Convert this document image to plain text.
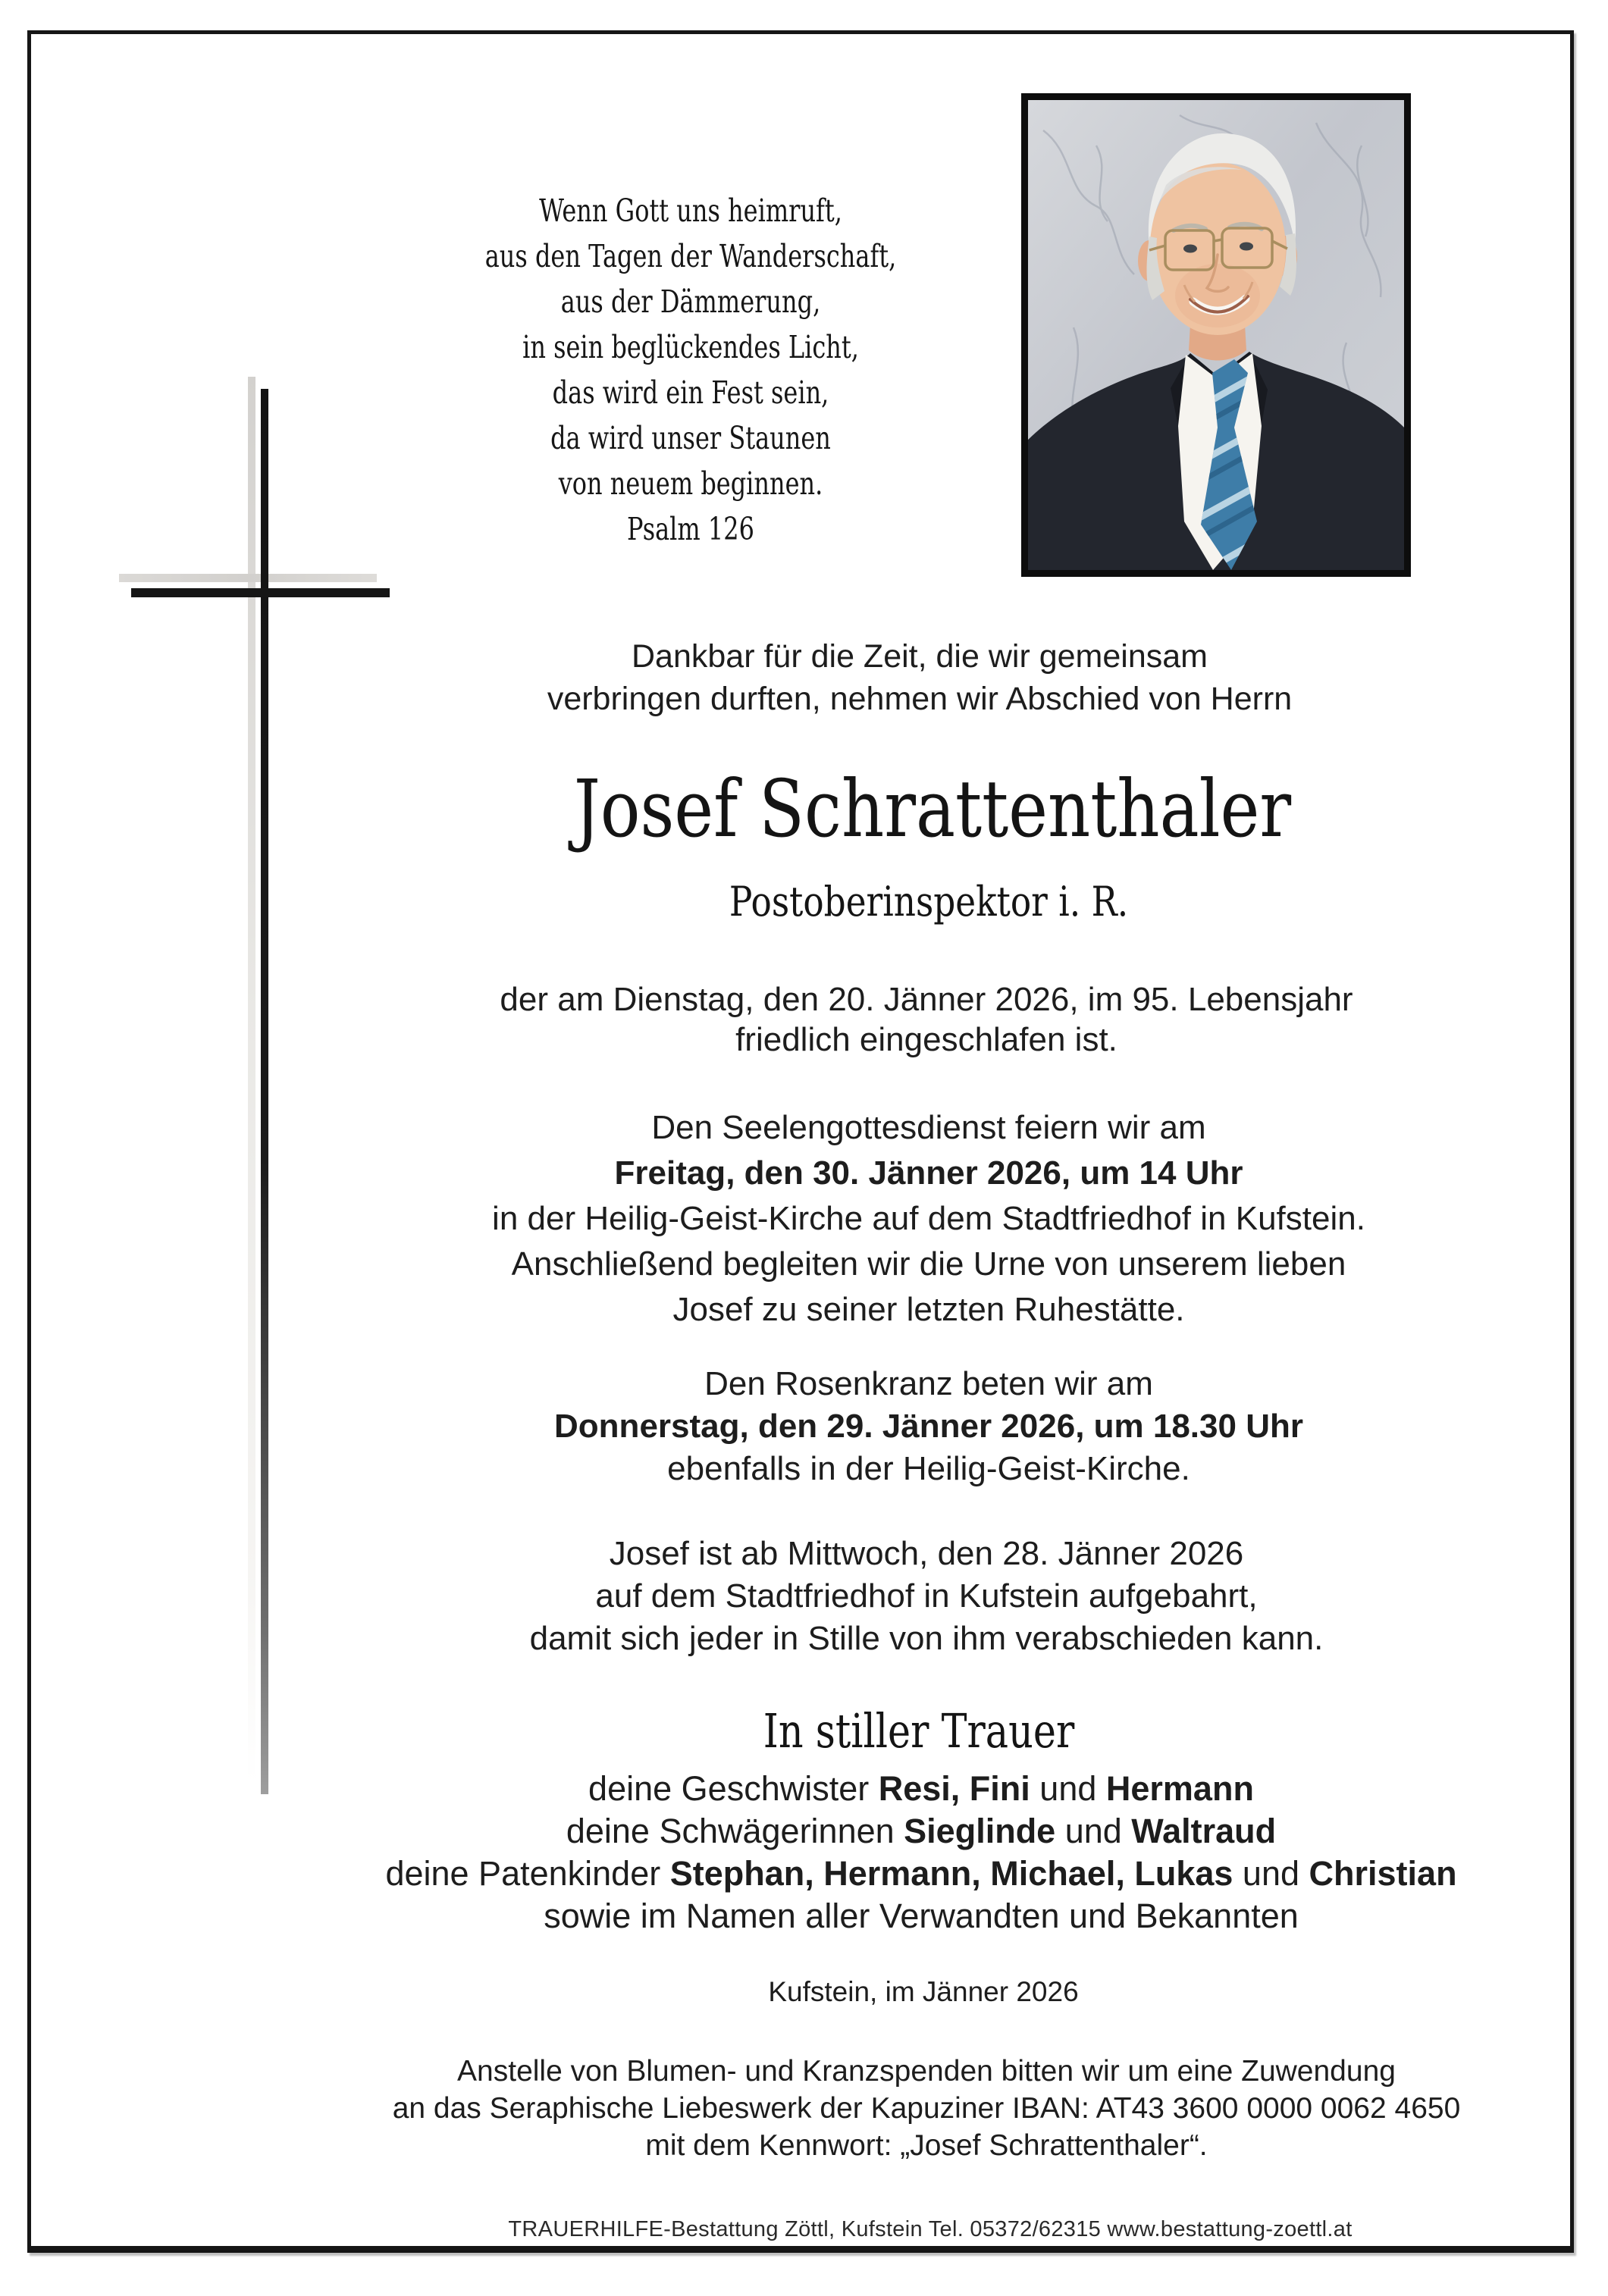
Wenn Gott uns heimruft,
aus den Tagen der Wanderschaft,
aus der Dämmerung,
in sein beglückendes Licht,
das wird ein Fest sein,
da wird unser Staunen
von neuem beginnen.
Psalm 126
Dankbar für die Zeit, die wir gemeinsam
verbringen durften, nehmen wir Abschied von Herrn
Josef Schrattenthaler
Postoberinspektor i. R.
der am Dienstag, den 20. Jänner 2026, im 95. Lebensjahr
friedlich eingeschlafen ist.
Den Seelengottesdienst feiern wir am
Freitag, den 30. Jänner 2026, um 14 Uhr
in der Heilig-Geist-Kirche auf dem Stadtfriedhof in Kufstein.
Anschließend begleiten wir die Urne von unserem lieben
Josef zu seiner letzten Ruhestätte.
Den Rosenkranz beten wir am
Donnerstag, den 29. Jänner 2026, um 18.30 Uhr
ebenfalls in der Heilig-Geist-Kirche.
Josef ist ab Mittwoch, den 28. Jänner 2026
auf dem Stadtfriedhof in Kufstein aufgebahrt,
damit sich jeder in Stille von ihm verabschieden kann.
In stiller Trauer
deine Geschwister Resi, Fini und Hermann
deine Schwägerinnen Sieglinde und Waltraud
deine Patenkinder Stephan, Hermann, Michael, Lukas und Christian
sowie im Namen aller Verwandten und Bekannten
Kufstein, im Jänner 2026
Anstelle von Blumen- und Kranzspenden bitten wir um eine Zuwendung
an das Seraphische Liebeswerk der Kapuziner IBAN: AT43 3600 0000 0062 4650
mit dem Kennwort: „Josef Schrattenthaler“.
TRAUERHILFE-Bestattung Zöttl, Kufstein Tel. 05372/62315 www.bestattung-zoettl.at
